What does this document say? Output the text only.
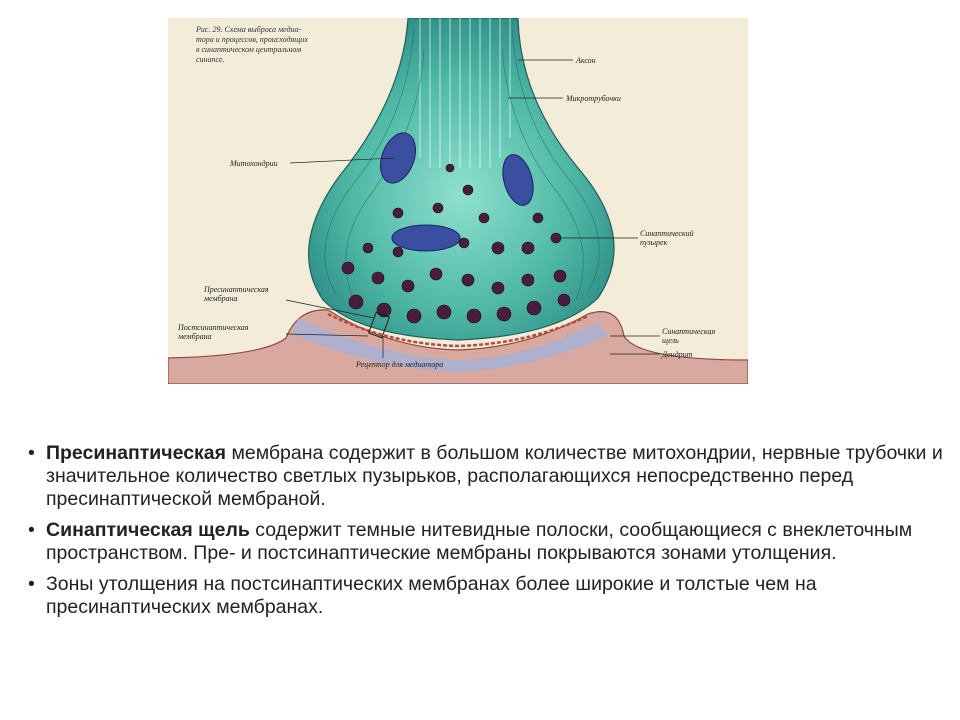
Рис. 29. Схема выброса медиа-
тора и процессов, происходящих
в синаптическом центральном
синапсе.	Аксон
Микротрубочки
Митохондрии
Синаптический пузырек
Пресинаптическая мембрана
Постсинаптическая мембрана
Синаптическая щель
Дендрит
Рецептор для медиатора
• Пресинаптическая мембрана содержит в большом количестве митохондрии, нервные трубочки и значительное количество светлых пузырьков, располагающихся непосредственно перед пресинаптической мембраной.
• Синаптическая щель содержит темные нитевидные полоски, сообщающиеся с внеклеточным пространством. Пре- и постсинаптические мембраны покрываются зонами утолщения.
• Зоны утолщения на постсинаптических мембранах более широкие и толстые чем на пресинаптических мембранах.
